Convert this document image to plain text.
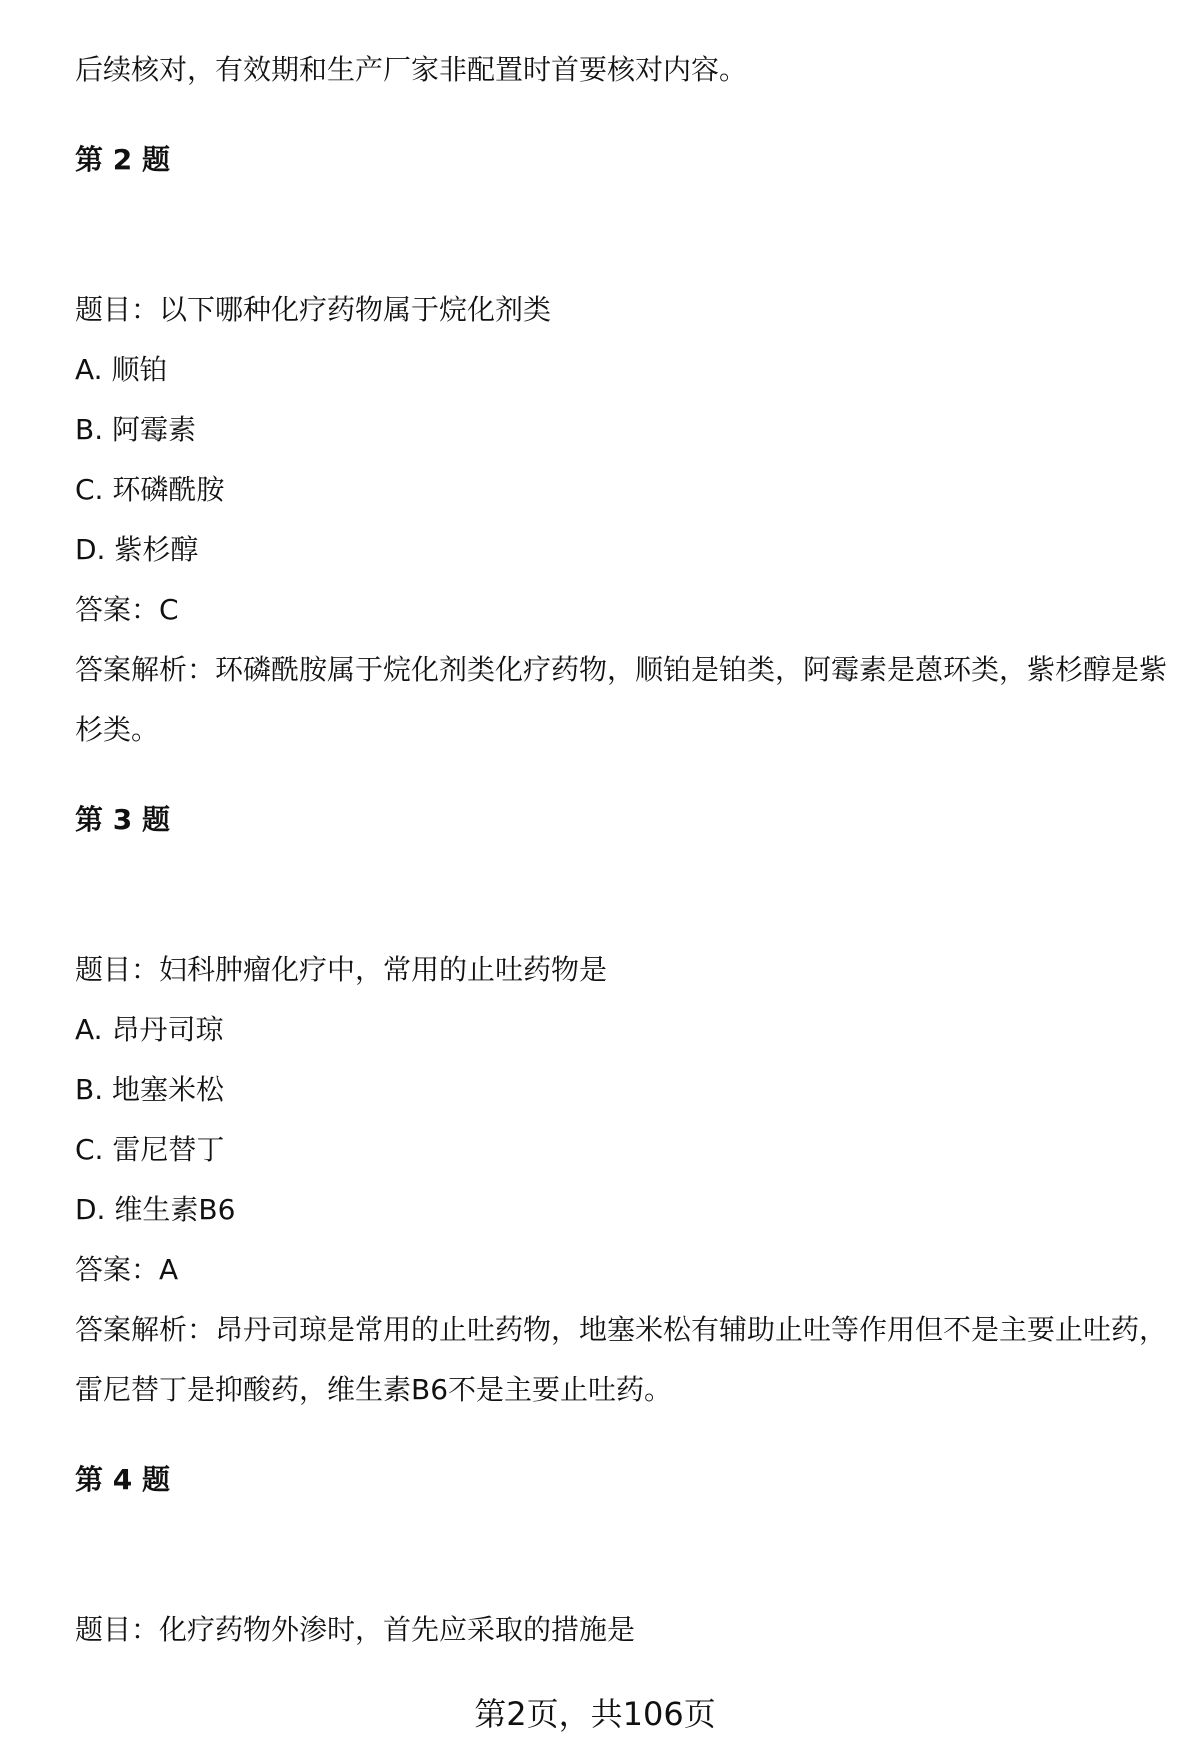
后续核对，有效期和生产厂家非配置时首要核对内容。
第 2 题
题目：以下哪种化疗药物属于烷化剂类
A. 顺铂
B. 阿霉素
C. 环磷酰胺
D. 紫杉醇
答案：C
答案解析：环磷酰胺属于烷化剂类化疗药物，顺铂是铂类，阿霉素是蒽环类，紫杉醇是紫杉类。
第 3 题
题目：妇科肿瘤化疗中，常用的止吐药物是
A. 昂丹司琼
B. 地塞米松
C. 雷尼替丁
D. 维生素B6
答案：A
答案解析：昂丹司琼是常用的止吐药物，地塞米松有辅助止吐等作用但不是主要止吐药，雷尼替丁是抑酸药，维生素B6不是主要止吐药。
第 4 题
题目：化疗药物外渗时，首先应采取的措施是
第2页，共106页
